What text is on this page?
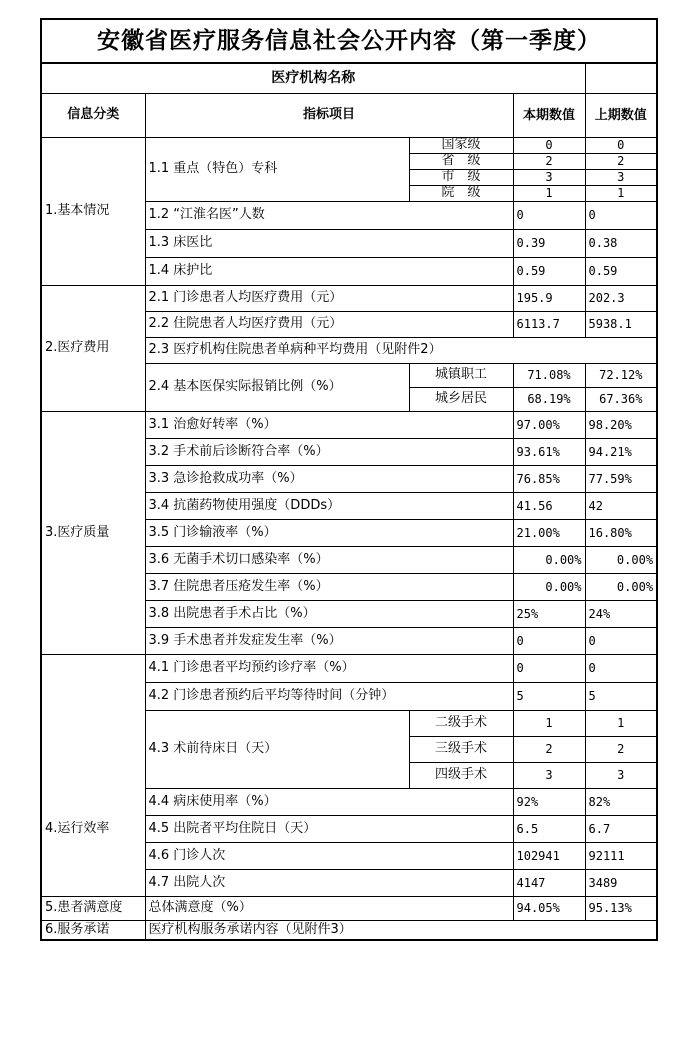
安徽省医疗服务信息社会公开内容（第一季度）				
医疗机构名称				
信息分类	指标项目		本期数值	上期数值
1.基本情况	1.1 重点（特色）专科	国家级	0	0
		省　级	2	2
		市　级	3	3
		院　级	1	1
	1.2 “江淮名医”人数		0	0
	1.3 床医比		0.39	0.38
	1.4 床护比		0.59	0.59
2.医疗费用	2.1 门诊患者人均医疗费用（元）		195.9	202.3
	2.2 住院患者人均医疗费用（元）		6113.7	5938.1
	2.3 医疗机构住院患者单病种平均费用（见附件2）			
	2.4 基本医保实际报销比例（%）	城镇职工	71.08%	72.12%
		城乡居民	68.19%	67.36%
3.医疗质量	3.1 治愈好转率（%）		97.00%	98.20%
	3.2 手术前后诊断符合率（%）		93.61%	94.21%
	3.3 急诊抢救成功率（%）		76.85%	77.59%
	3.4 抗菌药物使用强度（DDDs）		41.56	42
	3.5 门诊输液率（%）		21.00%	16.80%
	3.6 无菌手术切口感染率（%）		0.00%	0.00%
	3.7 住院患者压疮发生率（%）		0.00%	0.00%
	3.8 出院患者手术占比（%）		25%	24%
	3.9 手术患者并发症发生率（%）		0	0
4.运行效率	4.1 门诊患者平均预约诊疗率（%）		0	0
	4.2 门诊患者预约后平均等待时间（分钟）		5	5
	4.3 术前待床日（天）	二级手术	1	1
		三级手术	2	2
		四级手术	3	3
	4.4 病床使用率（%）		92%	82%
	4.5 出院者平均住院日（天）		6.5	6.7
	4.6 门诊人次		102941	92111
	4.7 出院人次		4147	3489
5.患者满意度	总体满意度（%）		94.05%	95.13%
6.服务承诺	医疗机构服务承诺内容（见附件3）			
